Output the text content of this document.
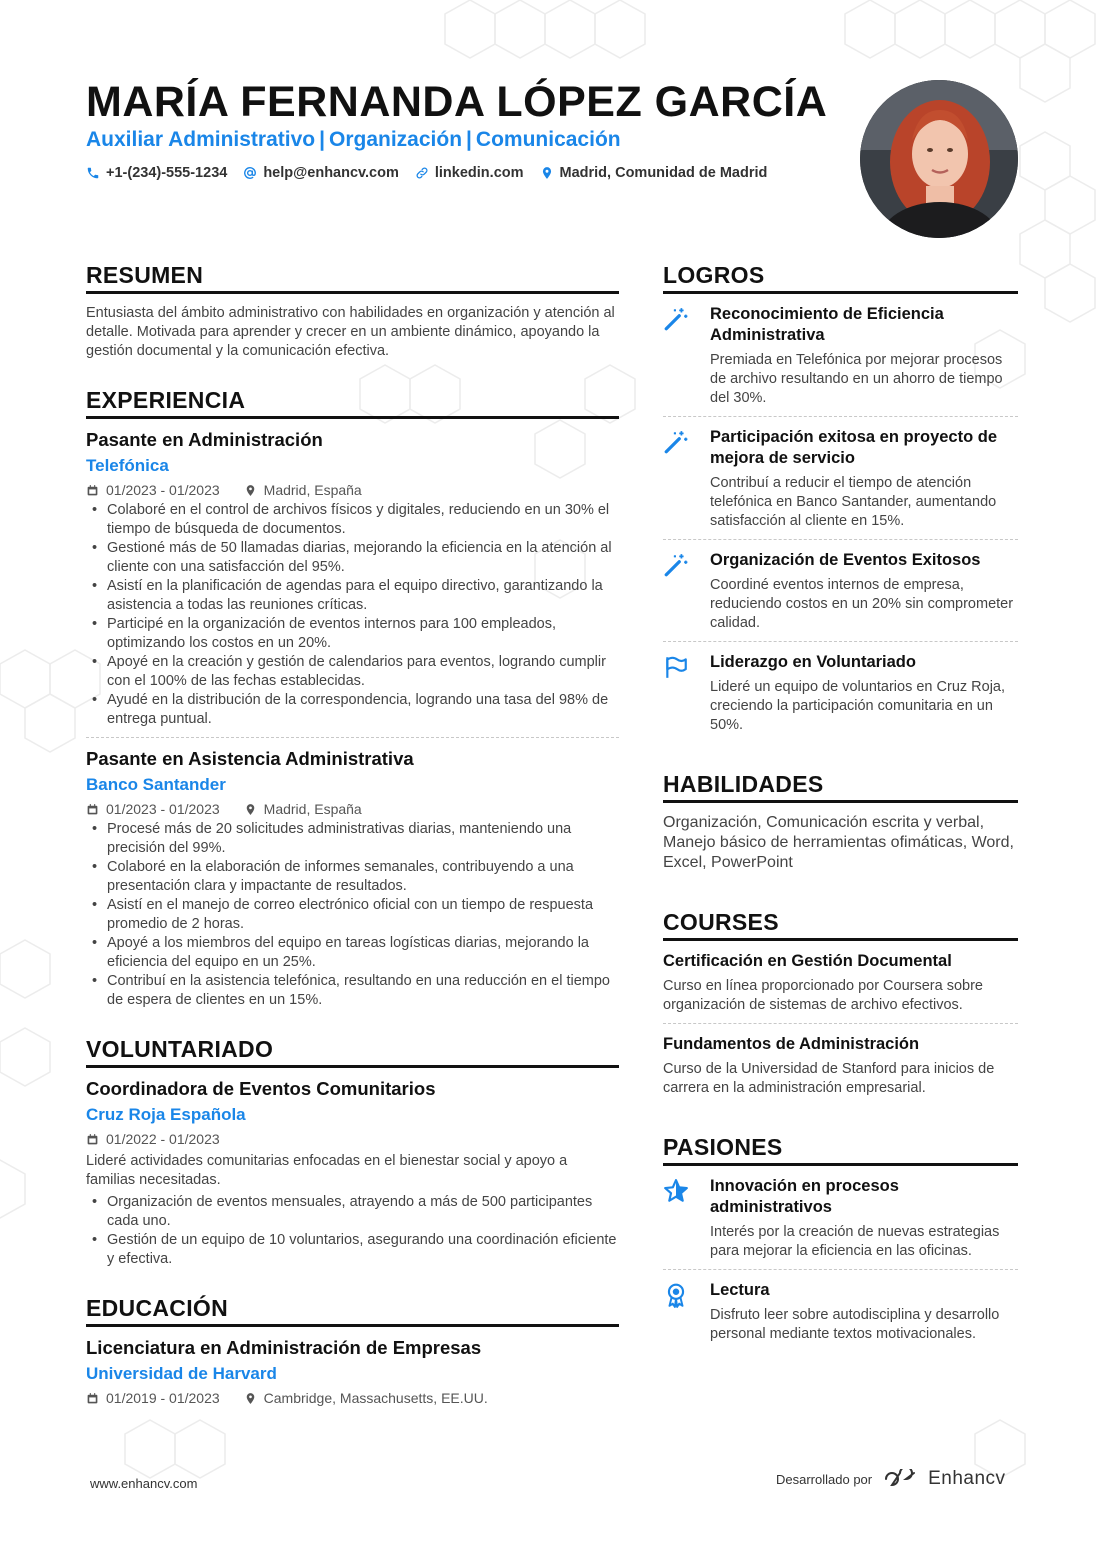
MARÍA FERNANDA LÓPEZ GARCÍA
Auxiliar Administrativo | Organización | Comunicación
+1-(234)-555-1234 help@enhancv.com linkedin.com Madrid, Comunidad de Madrid
RESUMEN
Entusiasta del ámbito administrativo con habilidades en organización y atención al detalle. Motivada para aprender y crecer en un ambiente dinámico, apoyando la gestión documental y la comunicación efectiva.
EXPERIENCIA
Pasante en Administración
Telefónica
01/2023 - 01/2023	Madrid, España
• Colaboré en el control de archivos físicos y digitales, reduciendo en un 30% el tiempo de búsqueda de documentos.
• Gestioné más de 50 llamadas diarias, mejorando la eficiencia en la atención al cliente con una satisfacción del 95%.
• Asistí en la planificación de agendas para el equipo directivo, garantizando la asistencia a todas las reuniones críticas.
• Participé en la organización de eventos internos para 100 empleados, optimizando los costos en un 20%.
• Apoyé en la creación y gestión de calendarios para eventos, logrando cumplir con el 100% de las fechas establecidas.
• Ayudé en la distribución de la correspondencia, logrando una tasa del 98% de entrega puntual.
Pasante en Asistencia Administrativa
Banco Santander
01/2023 - 01/2023	Madrid, España
• Procesé más de 20 solicitudes administrativas diarias, manteniendo una precisión del 99%.
• Colaboré en la elaboración de informes semanales, contribuyendo a una presentación clara y impactante de resultados.
• Asistí en el manejo de correo electrónico oficial con un tiempo de respuesta promedio de 2 horas.
• Apoyé a los miembros del equipo en tareas logísticas diarias, mejorando la eficiencia del equipo en un 25%.
• Contribuí en la asistencia telefónica, resultando en una reducción en el tiempo de espera de clientes en un 15%.
VOLUNTARIADO
Coordinadora de Eventos Comunitarios
Cruz Roja Española
01/2022 - 01/2023
Lideré actividades comunitarias enfocadas en el bienestar social y apoyo a familias necesitadas.
• Organización de eventos mensuales, atrayendo a más de 500 participantes cada uno.
• Gestión de un equipo de 10 voluntarios, asegurando una coordinación eficiente y efectiva.
EDUCACIÓN
Licenciatura en Administración de Empresas
Universidad de Harvard
01/2019 - 01/2023	Cambridge, Massachusetts, EE.UU.
LOGROS
Reconocimiento de Eficiencia Administrativa
Premiada en Telefónica por mejorar procesos de archivo resultando en un ahorro de tiempo del 30%.
Participación exitosa en proyecto de mejora de servicio
Contribuí a reducir el tiempo de atención telefónica en Banco Santander, aumentando satisfacción al cliente en 15%.
Organización de Eventos Exitosos
Coordiné eventos internos de empresa, reduciendo costos en un 20% sin comprometer calidad.
Liderazgo en Voluntariado
Lideré un equipo de voluntarios en Cruz Roja, creciendo la participación comunitaria en un 50%.
HABILIDADES
Organización, Comunicación escrita y verbal, Manejo básico de herramientas ofimáticas, Word, Excel, PowerPoint
COURSES
Certificación en Gestión Documental
Curso en línea proporcionado por Coursera sobre organización de sistemas de archivo efectivos.
Fundamentos de Administración
Curso de la Universidad de Stanford para inicios de carrera en la administración empresarial.
PASIONES
Innovación en procesos administrativos
Interés por la creación de nuevas estrategias para mejorar la eficiencia en las oficinas.
Lectura
Disfruto leer sobre autodisciplina y desarrollo personal mediante textos motivacionales.
www.enhancv.com	Desarrollado por	Enhancv
